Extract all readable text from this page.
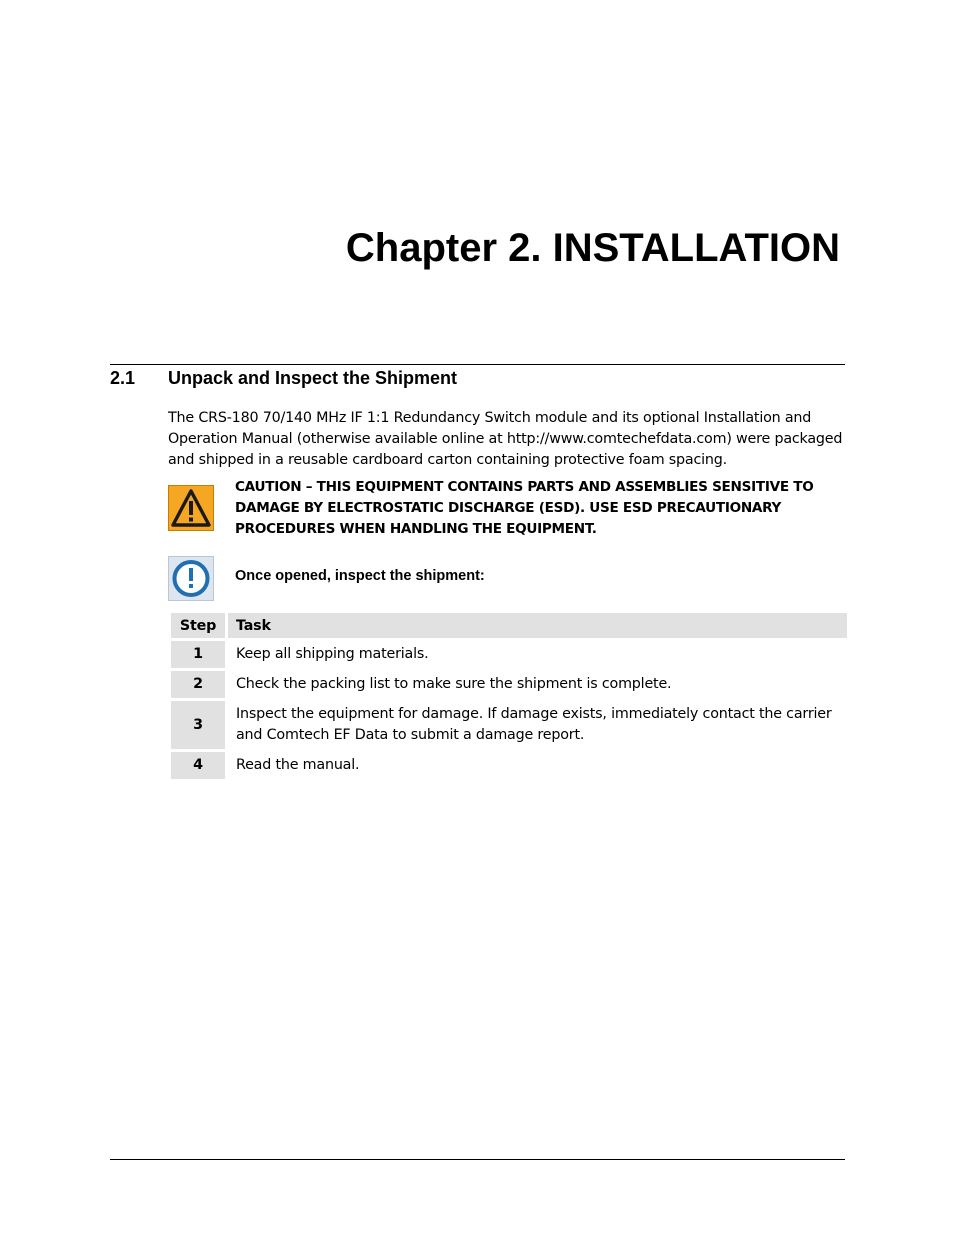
Chapter 2. INSTALLATION
2.1 Unpack and Inspect the Shipment

The CRS-180 70/140 MHz IF 1:1 Redundancy Switch module and its optional Installation and Operation Manual (otherwise available online at http://www.comtechefdata.com) were packaged and shipped in a reusable cardboard carton containing protective foam spacing.

CAUTION – THIS EQUIPMENT CONTAINS PARTS AND ASSEMBLIES SENSITIVE TO DAMAGE BY ELECTROSTATIC DISCHARGE (ESD). USE ESD PRECAUTIONARY PROCEDURES WHEN HANDLING THE EQUIPMENT.
Once opened, inspect the shipment:
Step	Task
1	Keep all shipping materials.
2	Check the packing list to make sure the shipment is complete.
3	Inspect the equipment for damage. If damage exists, immediately contact the carrier and Comtech EF Data to submit a damage report.
4	Read the manual.
